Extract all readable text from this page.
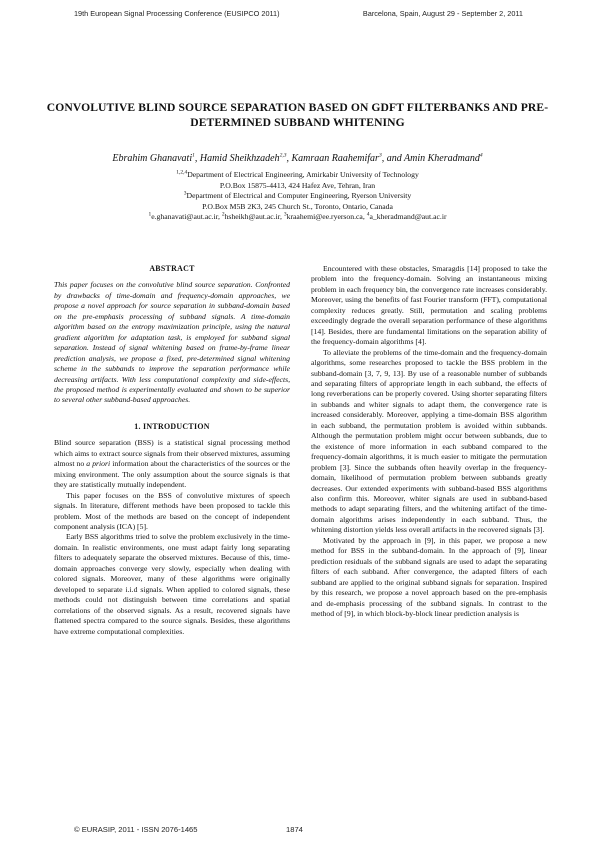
19th European Signal Processing Conference (EUSIPCO 2011)	Barcelona, Spain, August 29 - September 2, 2011
CONVOLUTIVE BLIND SOURCE SEPARATION BASED ON GDFT FILTERBANKS AND PRE-DETERMINED SUBBAND WHITENING
Ebrahim Ghanavati$^1$, Hamid Sheikhzadeh$^{2,3}$, Kamraan Raahemifar$^3$, and Amin Kheradmand$^4$
$^{1,2,4}$Department of Electrical Engineering, Amirkabir University of Technology
P.O.Box 15875-4413, 424 Hafez Ave, Tehran, Iran
$^3$Department of Electrical and Computer Engineering, Ryerson University
P.O.Box M5B 2K3, 245 Church St., Toronto, Ontario, Canada
$^1$e.ghanavati@aut.ac.ir, $^2$hsheikh@aut.ac.ir, $^3$kraahemi@ee.ryerson.ca, $^4$a_kheradmand@aut.ac.ir
ABSTRACT

This paper focuses on the convolutive blind source separation. Confronted by drawbacks of time-domain and frequency-domain approaches, we propose a novel approach for source separation in subband-domain based on the pre-emphasis processing of subband signals. A time-domain algorithm based on the entropy maximization principle, using the natural gradient algorithm for adaptation task, is employed for subband signal separation. Instead of signal whitening based on frame-by-frame linear prediction analysis, we propose a fixed, pre-determined signal whitening scheme in the subbands to improve the separation performance while decreasing artifacts. With less computational complexity and side-effects, the proposed method is experimentally evaluated and shown to be superior to several other subband-based approaches.

1. INTRODUCTION

Blind source separation (BSS) is a statistical signal processing method which aims to extract source signals from their observed mixtures, assuming almost no a priori information about the characteristics of the sources or the mixing environment. The only assumption about the source signals is that they are statistically mutually independent.

This paper focuses on the BSS of convolutive mixtures of speech signals. In literature, different methods have been proposed to tackle this problem. Most of the methods are based on the concept of independent component analysis (ICA) [5].

Early BSS algorithms tried to solve the problem exclusively in the time-domain. In realistic environments, one must adapt fairly long separating filters to adequately separate the observed mixtures. Because of this, time-domain approaches converge very slowly, especially when dealing with colored signals. Moreover, many of these algorithms were originally developed to separate i.i.d signals. When applied to colored signals, these methods could not distinguish between time correlations and spatial correlations of the observed signals. As a result, recovered signals have flattened spectra compared to the source signals. Besides, these algorithms have extreme computational complexities.

Encountered with these obstacles, Smaragdis [14] proposed to take the problem into the frequency-domain. Solving an instantaneous mixing problem in each frequency bin, the convergence rate increases considerably. Moreover, using the benefits of fast Fourier transform (FFT), computational complexity reduces greatly. Still, permutation and scaling problems exceedingly degrade the overall separation performance of these algorithms [14]. Besides, there are fundamental limitations on the separation ability of the frequency-domain algorithms [4].

To alleviate the problems of the time-domain and the frequency-domain algorithms, some researches proposed to tackle the BSS problem in the subband-domain [3, 7, 9, 13]. By use of a reasonable number of subbands and separating filters of appropriate length in each subband, the effects of long reverberations can be properly covered. Using shorter separating filters in subbands and whiter signals to adapt them, the convergence rate is increased considerably. Moreover, applying a time-domain BSS algorithm in each subband, the permutation problem is avoided within subbands. Although the permutation problem might occur between subbands, due to the existence of more information in each subband compared to the frequency-domain algorithms, it is much easier to mitigate the permutation problem [3]. Since the subbands often heavily overlap in the frequency-domain, likelihood of permutation problem between subbands greatly decreases. Our extended experiments with subband-based BSS algorithms also confirm this. Moreover, whiter signals are used in subband-based methods to adapt separating filters, and the whitening artifact of the time-domain algorithms arises independently in each subband. Thus, the whitening distortion yields less overall artifacts in the recovered signals [3].

Motivated by the approach in [9], in this paper, we propose a new method for BSS in the subband-domain. In the approach of [9], linear prediction residuals of the subband signals are used to adapt the separating filters of each subband. After convergence, the adapted filters of each subband are applied to the original subband signals for separation. Inspired by this research, we propose a novel approach based on the pre-emphasis and de-emphasis processing of the subband signals. In contrast to the method of [9], in which block-by-block linear prediction analysis is

© EURASIP, 2011 - ISSN 2076-1465	1874
